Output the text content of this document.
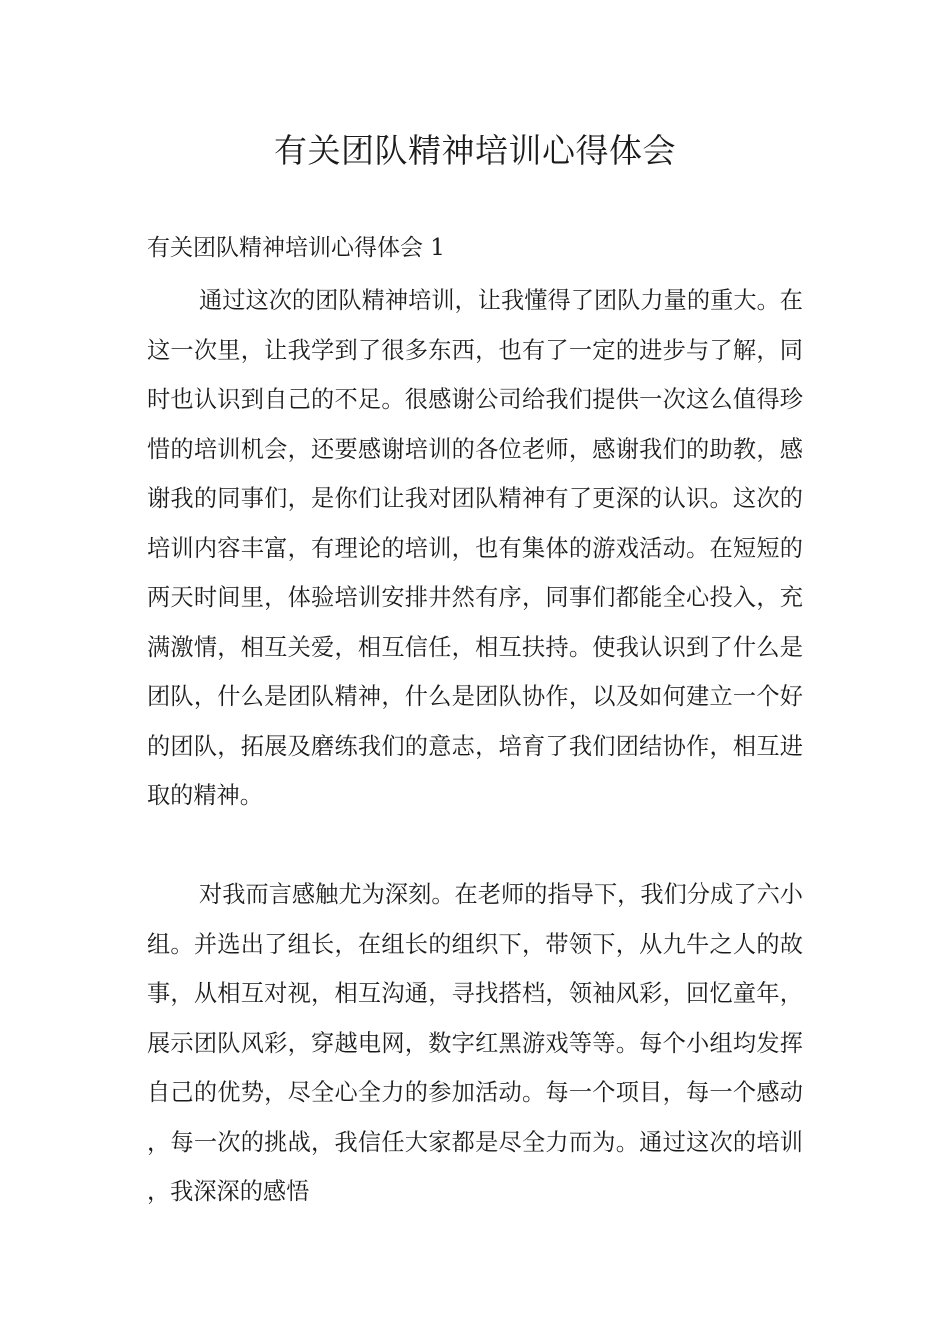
有关团队精神培训心得体会
有关团队精神培训心得体会 1

通过这次的团队精神培训，让我懂得了团队力量的重大。在这一次里，让我学到了很多东西，也有了一定的进步与了解，同时也认识到自己的不足。很感谢公司给我们提供一次这么值得珍惜的培训机会，还要感谢培训的各位老师，感谢我们的助教，感谢我的同事们，是你们让我对团队精神有了更深的认识。这次的培训内容丰富，有理论的培训，也有集体的游戏活动。在短短的两天时间里，体验培训安排井然有序，同事们都能全心投入，充满激情，相互关爱，相互信任，相互扶持。使我认识到了什么是团队，什么是团队精神，什么是团队协作，以及如何建立一个好的团队，拓展及磨练我们的意志，培育了我们团结协作，相互进取的精神。

对我而言感触尤为深刻。在老师的指导下，我们分成了六小组。并选出了组长，在组长的组织下，带领下，从九牛之人的故事，从相互对视，相互沟通，寻找搭档，领袖风彩，回忆童年，展示团队风彩，穿越电网，数字红黑游戏等等。每个小组均发挥自己的优势，尽全心全力的参加活动。每一个项目，每一个感动，每一次的挑战，我信任大家都是尽全力而为。通过这次的培训，我深深的感悟
